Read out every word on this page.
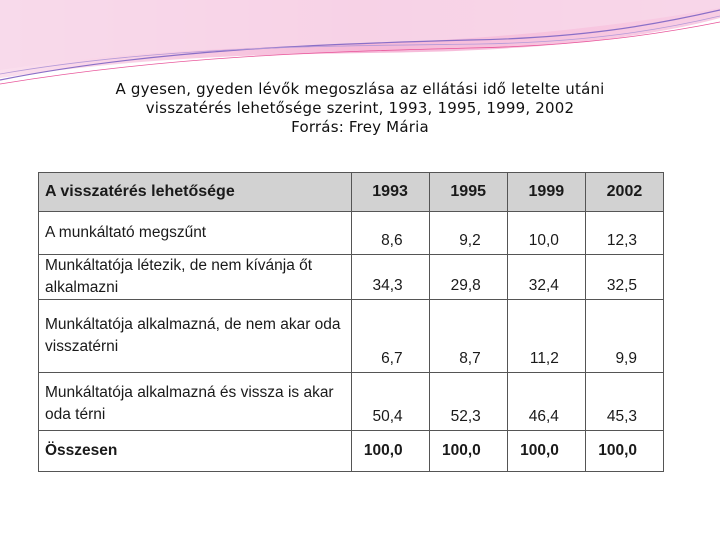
A gyesen, gyeden lévők megoszlása az ellátási idő letelte utáni
visszatérés lehetősége szerint, 1993, 1995, 1999, 2002
Forrás: Frey Mária
A visszatérés lehetősége	1993	1995	1999	2002
A munkáltató megszűnt	8,6	9,2	10,0	12,3
Munkáltatója létezik, de nem kívánja őt alkalmazni	34,3	29,8	32,4	32,5
Munkáltatója alkalmazná, de nem akar oda visszatérni	6,7	8,7	11,2	9,9
Munkáltatója alkalmazná és vissza is akar oda térni	50,4	52,3	46,4	45,3
Összesen	100,0	100,0	100,0	100,0
